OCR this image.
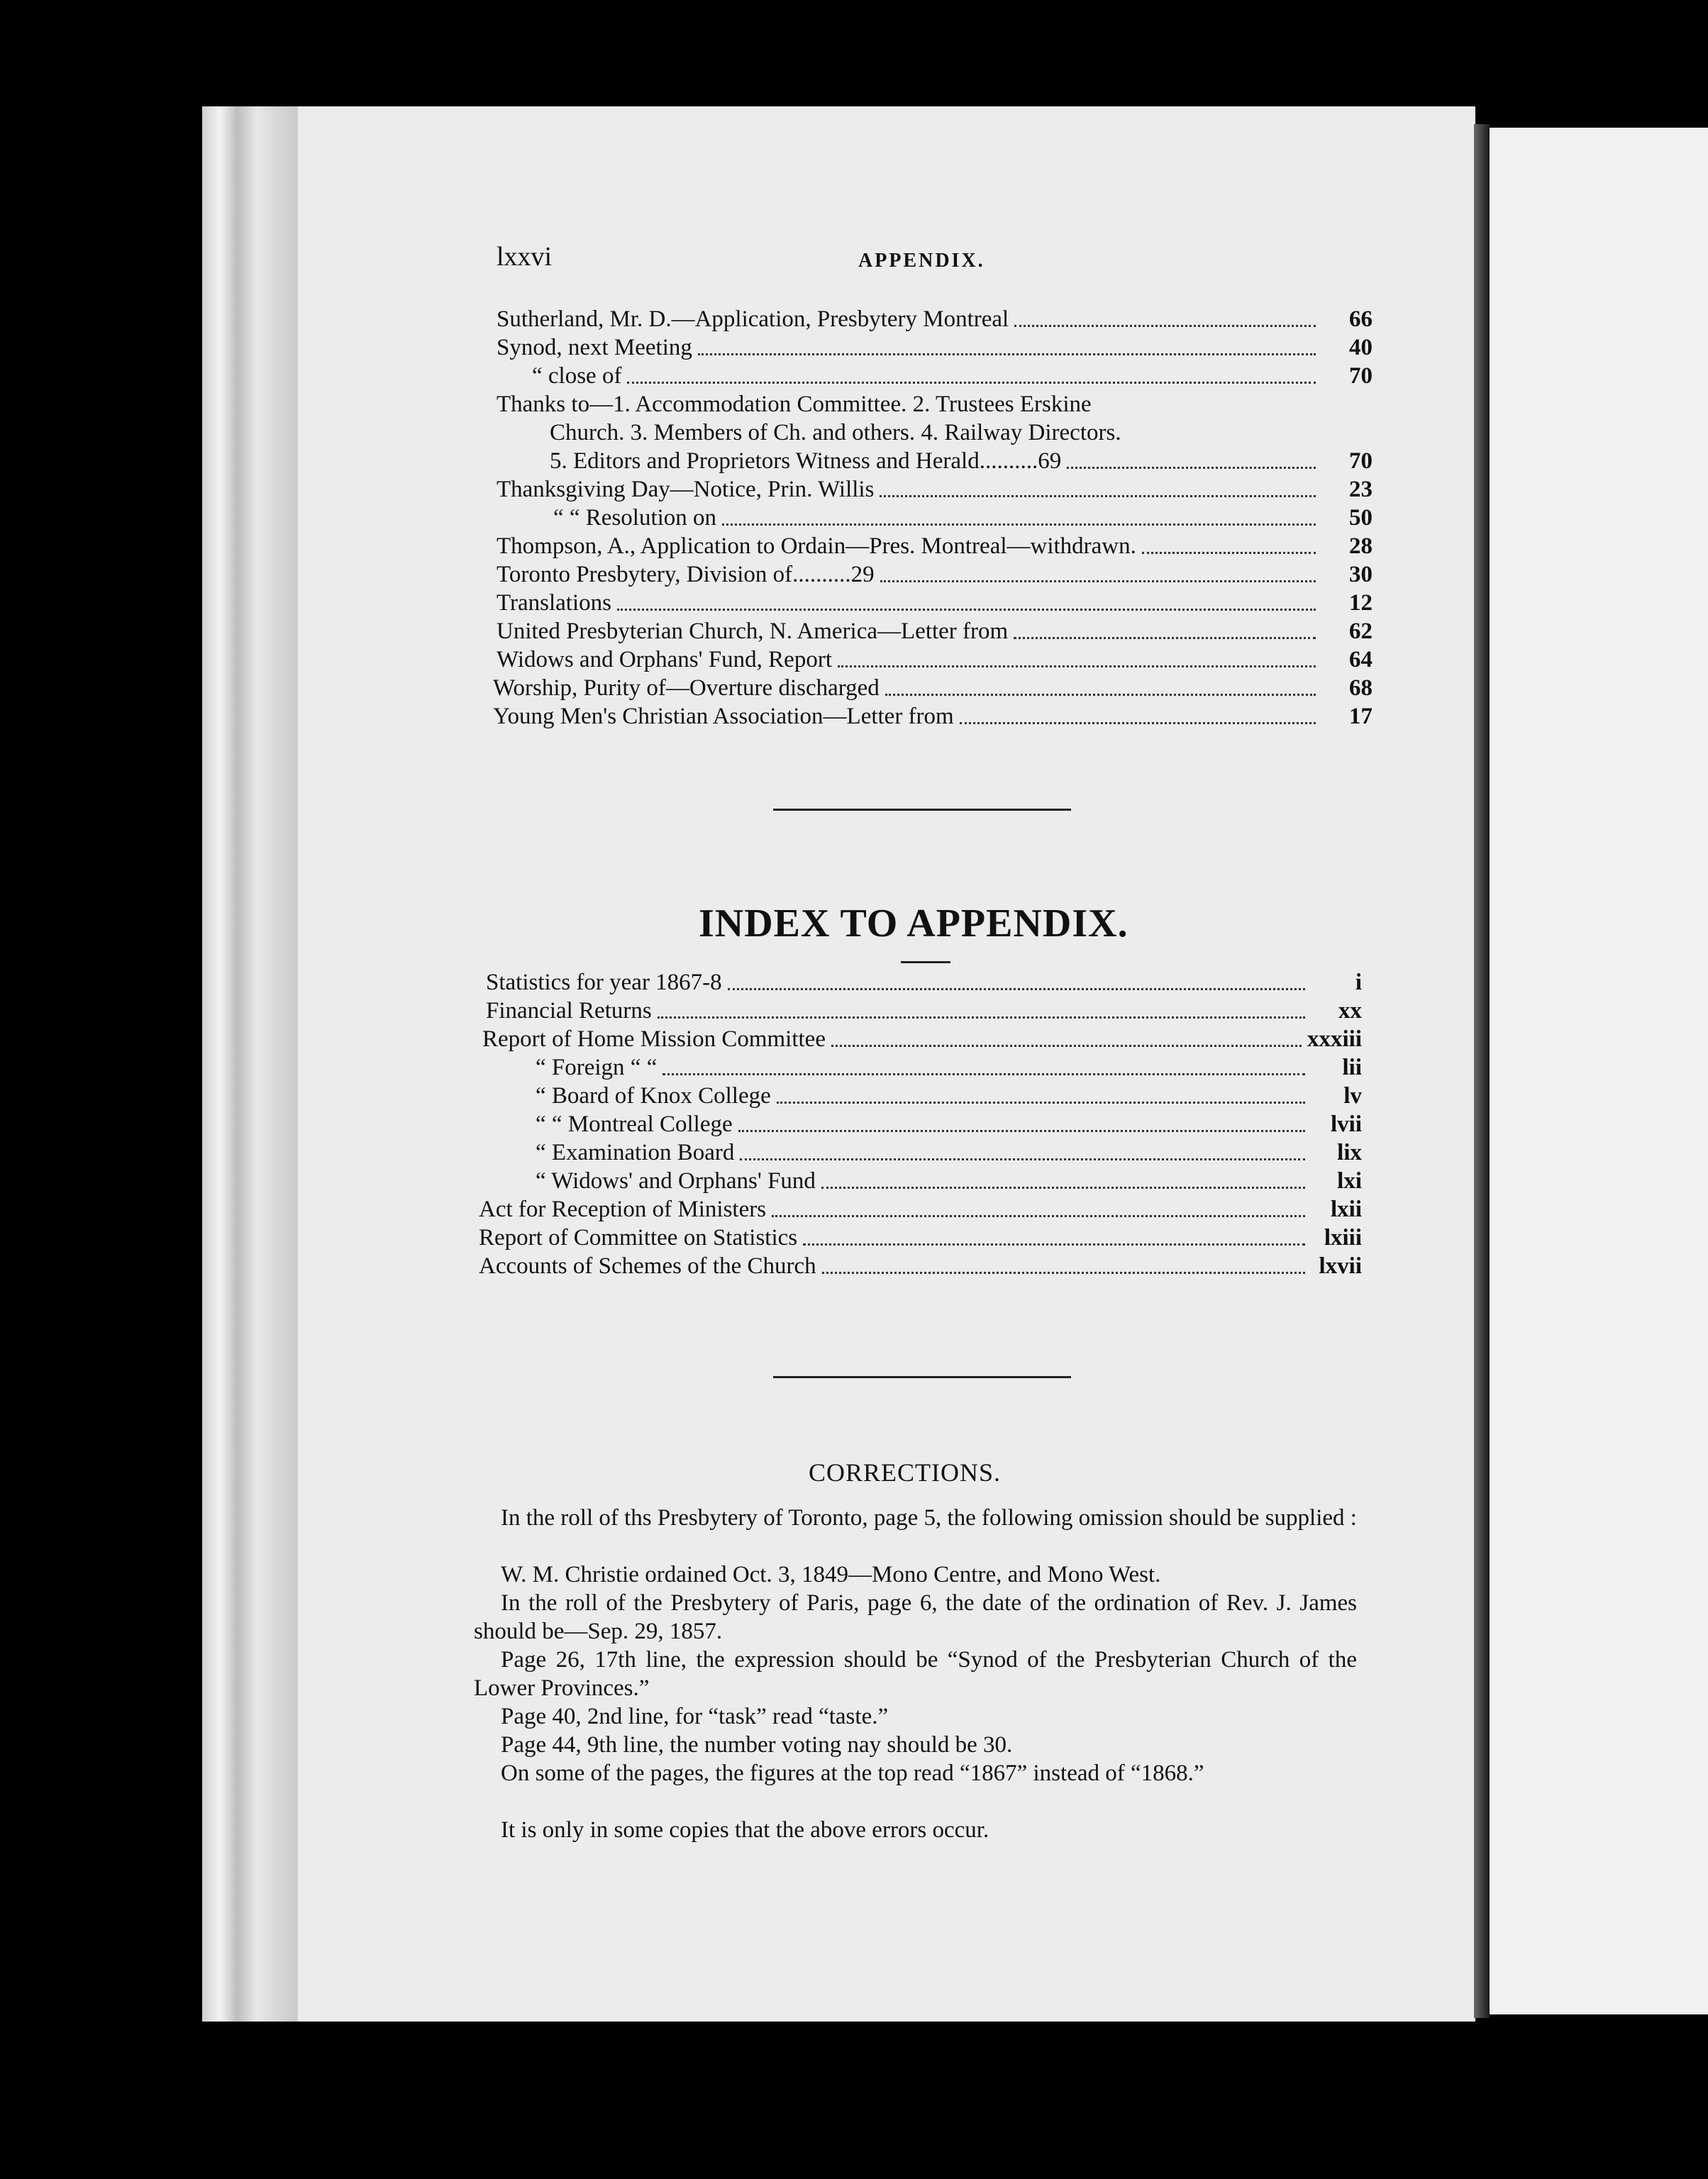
lxxvi	APPENDIX.
Sutherland, Mr. D.—Application, Presbytery Montreal	66
Synod, next Meeting	40
“ close of	70
Thanks to—1. Accommodation Committee. 2. Trustees Erskine
Church. 3. Members of Ch. and others. 4. Railway Directors.
5. Editors and Proprietors Witness and Herald..........69	70
Thanksgiving Day—Notice, Prin. Willis	23
“ “ Resolution on	50
Thompson, A., Application to Ordain—Pres. Montreal—withdrawn.	28
Toronto Presbytery, Division of..........29	30
Translations	12
United Presbyterian Church, N. America—Letter from	62
Widows and Orphans' Fund, Report	64
Worship, Purity of—Overture discharged	68
Young Men's Christian Association—Letter from	17
INDEX TO APPENDIX.
Statistics for year 1867-8	i
Financial Returns	xx
Report of Home Mission Committee	xxxiii
“ Foreign “ “	lii
“ Board of Knox College	lv
“ “ Montreal College	lvii
“ Examination Board	lix
“ Widows' and Orphans' Fund	lxi
Act for Reception of Ministers	lxii
Report of Committee on Statistics	lxiii
Accounts of Schemes of the Church	lxvii
CORRECTIONS.
In the roll of ths Presbytery of Toronto, page 5, the following omission should be supplied :
W. M. Christie ordained Oct. 3, 1849—Mono Centre, and Mono West.
In the roll of the Presbytery of Paris, page 6, the date of the ordination of Rev. J. James should be—Sep. 29, 1857.
Page 26, 17th line, the expression should be “Synod of the Presbyterian Church of the Lower Provinces.”
Page 40, 2nd line, for “task” read “taste.”
Page 44, 9th line, the number voting nay should be 30.
On some of the pages, the figures at the top read “1867” instead of “1868.”
It is only in some copies that the above errors occur.
